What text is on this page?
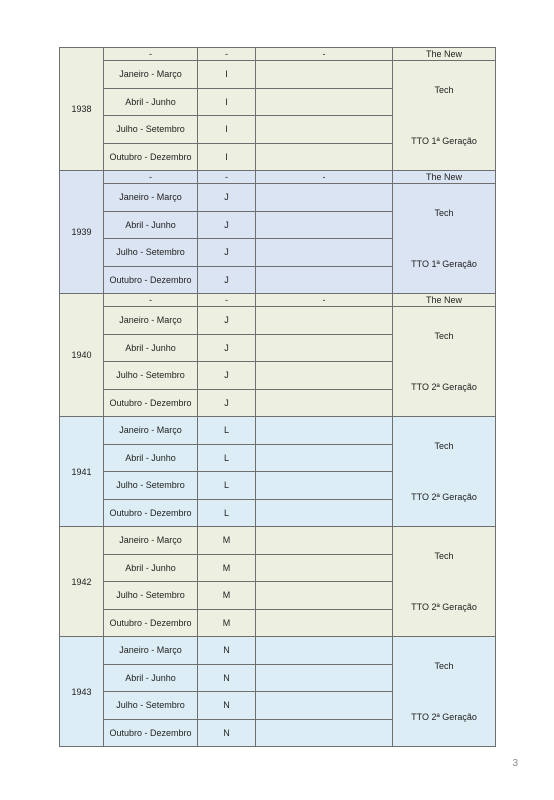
1938	-	-	-	The New
	Janeiro - Março	I		Tech
TTO 1ª Geração

	Abril - Junho	I		
	Julho - Setembro	I		
	Outubro - Dezembro	I		
1939	-	-	-	The New
	Janeiro - Março	J		Tech
TTO 1ª Geração

	Abril - Junho	J		
	Julho - Setembro	J		
	Outubro - Dezembro	J		
1940	-	-	-	The New
	Janeiro - Março	J		Tech
TTO 2ª Geração

	Abril - Junho	J		
	Julho - Setembro	J		
	Outubro - Dezembro	J		
1941	Janeiro - Março	L		Tech
TTO 2ª Geração

	Abril - Junho	L		
	Julho - Setembro	L		
	Outubro - Dezembro	L		
1942	Janeiro - Março	M		Tech
TTO 2ª Geração

	Abril - Junho	M		
	Julho - Setembro	M		
	Outubro - Dezembro	M		
1943	Janeiro - Março	N		Tech
TTO 2ª Geração

	Abril - Junho	N		
	Julho - Setembro	N		
	Outubro - Dezembro	N		
3
